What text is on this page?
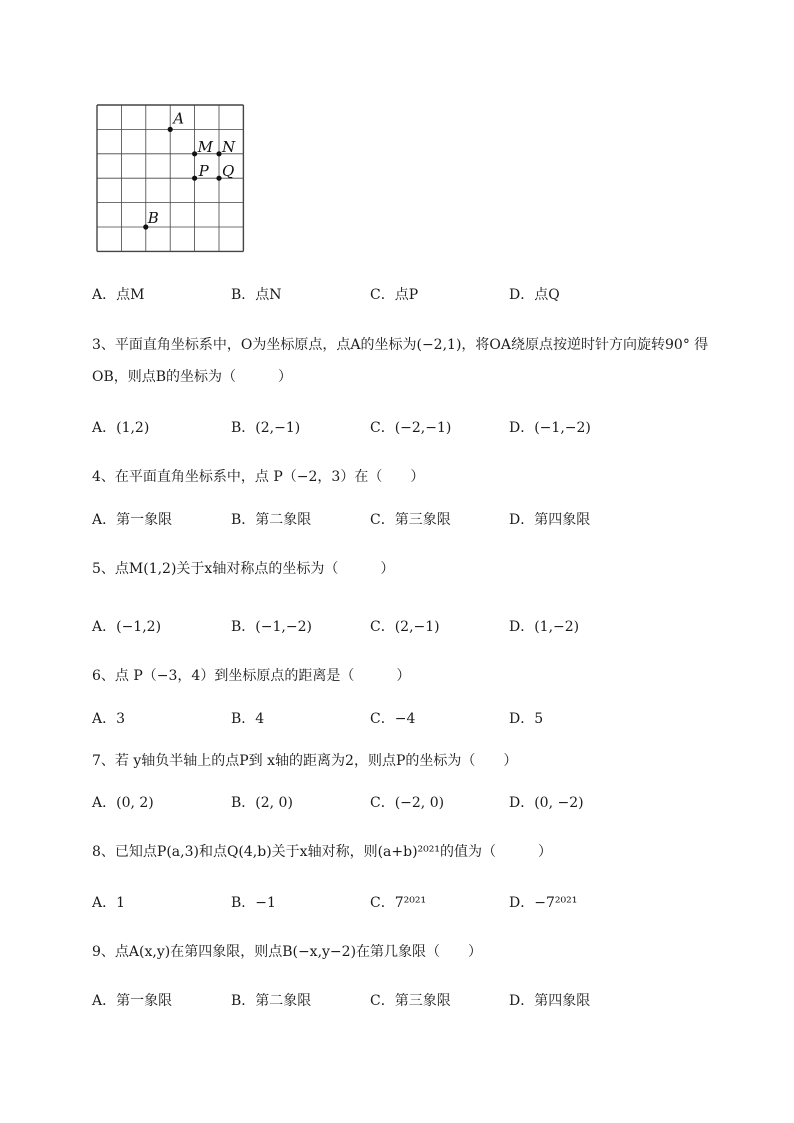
A
M N
P Q
B
A．点M	B．点N	C．点P	D．点Q
3、平面直角坐标系中，O为坐标原点，点A的坐标为(−2,1)，将OA绕原点按逆时针方向旋转90° 得
OB，则点B的坐标为（　　　）
A．(1,2)	B．(2,−1)	C．(−2,−1)	D．(−1,−2)
4、在平面直角坐标系中，点 P（−2，3）在（　　）
A．第一象限	B．第二象限	C．第三象限	D．第四象限
5、点M(1,2)关于x轴对称点的坐标为（　　　）
A．(−1,2)	B．(−1,−2)	C．(2,−1)	D．(1,−2)
6、点 P（−3，4）到坐标原点的距离是（　　　）
A．3	B．4	C．−4	D．5
7、若 y轴负半轴上的点P到 x轴的距离为2，则点P的坐标为（　　）
A．(0, 2)	B．(2, 0)	C．(−2, 0)	D．(0, −2)
8、已知点P(a,3)和点Q(4,b)关于x轴对称，则(a+b)²⁰²¹的值为（　　　）
A．1	B．−1	C．7²⁰²¹	D．−7²⁰²¹
9、点A(x,y)在第四象限，则点B(−x,y−2)在第几象限（　　）
A．第一象限	B．第二象限	C．第三象限	D．第四象限
